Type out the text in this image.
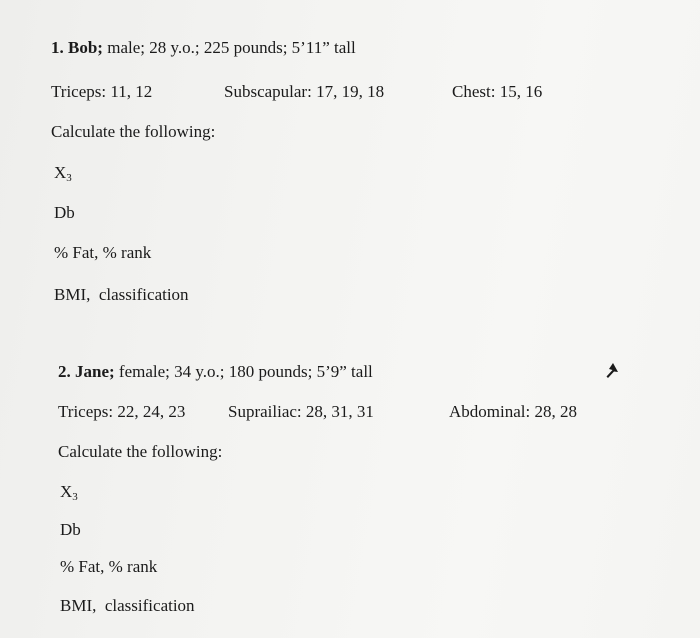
1. Bob; male; 28 y.o.; 225 pounds; 5’11” tall
Triceps: 11, 12	Subscapular: 17, 19, 18	Chest: 15, 16
Calculate the following:
$X_3$
Db
% Fat, % rank
BMI,  classification
2. Jane; female; 34 y.o.; 180 pounds; 5’9” tall
Triceps: 22, 24, 23	Suprailiac: 28, 31, 31	Abdominal: 28, 28
Calculate the following:
$X_3$
Db
% Fat, % rank
BMI,  classification
